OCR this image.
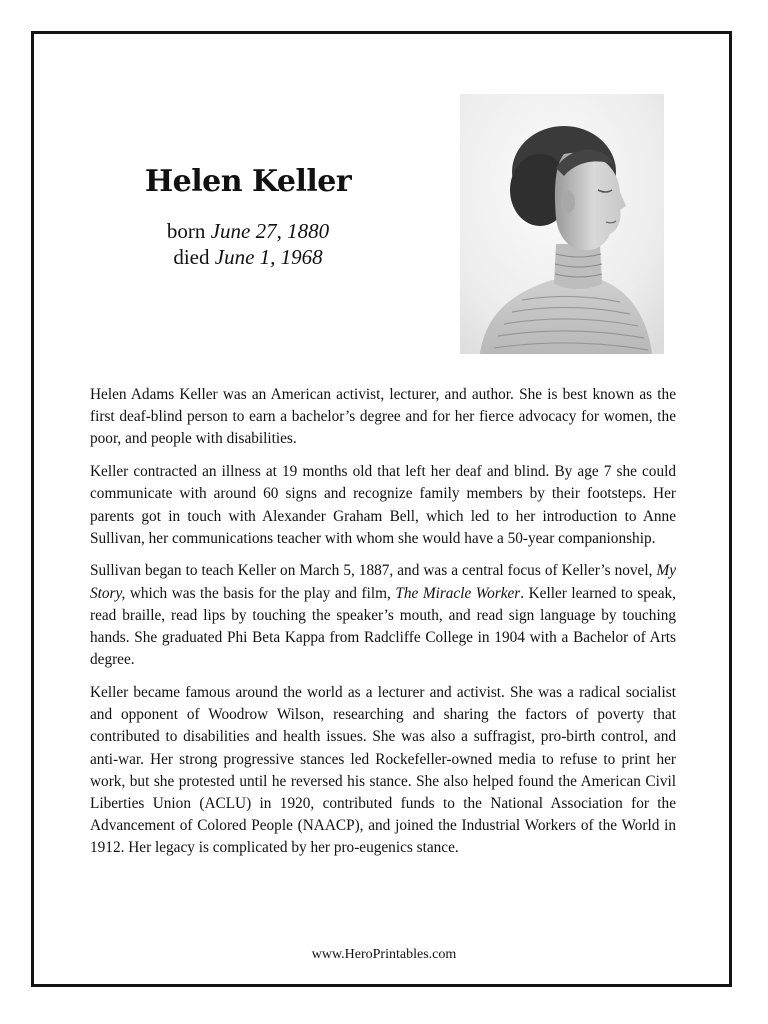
Helen Keller
born June 27, 1880
died June 1, 1968

Helen Adams Keller was an American activist, lecturer, and author. She is best known as the first deaf-blind person to earn a bachelor’s degree and for her fierce advocacy for women, the poor, and people with disabilities.

Keller contracted an illness at 19 months old that left her deaf and blind. By age 7 she could communicate with around 60 signs and recognize family members by their footsteps. Her parents got in touch with Alexander Graham Bell, which led to her introduction to Anne Sullivan, her communications teacher with whom she would have a 50-year companionship.

Sullivan began to teach Keller on March 5, 1887, and was a central focus of Keller’s novel, My Story, which was the basis for the play and film, The Miracle Worker. Keller learned to speak, read braille, read lips by touching the speaker’s mouth, and read sign language by touching hands. She graduated Phi Beta Kappa from Radcliffe College in 1904 with a Bachelor of Arts degree.

Keller became famous around the world as a lecturer and activist. She was a radical socialist and opponent of Woodrow Wilson, researching and sharing the factors of poverty that contributed to disabilities and health issues. She was also a suffragist, pro-birth control, and anti-war. Her strong progressive stances led Rockefeller-owned media to refuse to print her work, but she protested until he reversed his stance. She also helped found the American Civil Liberties Union (ACLU) in 1920, contributed funds to the National Association for the Advancement of Colored People (NAACP), and joined the Industrial Workers of the World in 1912. Her legacy is complicated by her pro-eugenics stance.

www.HeroPrintables.com
